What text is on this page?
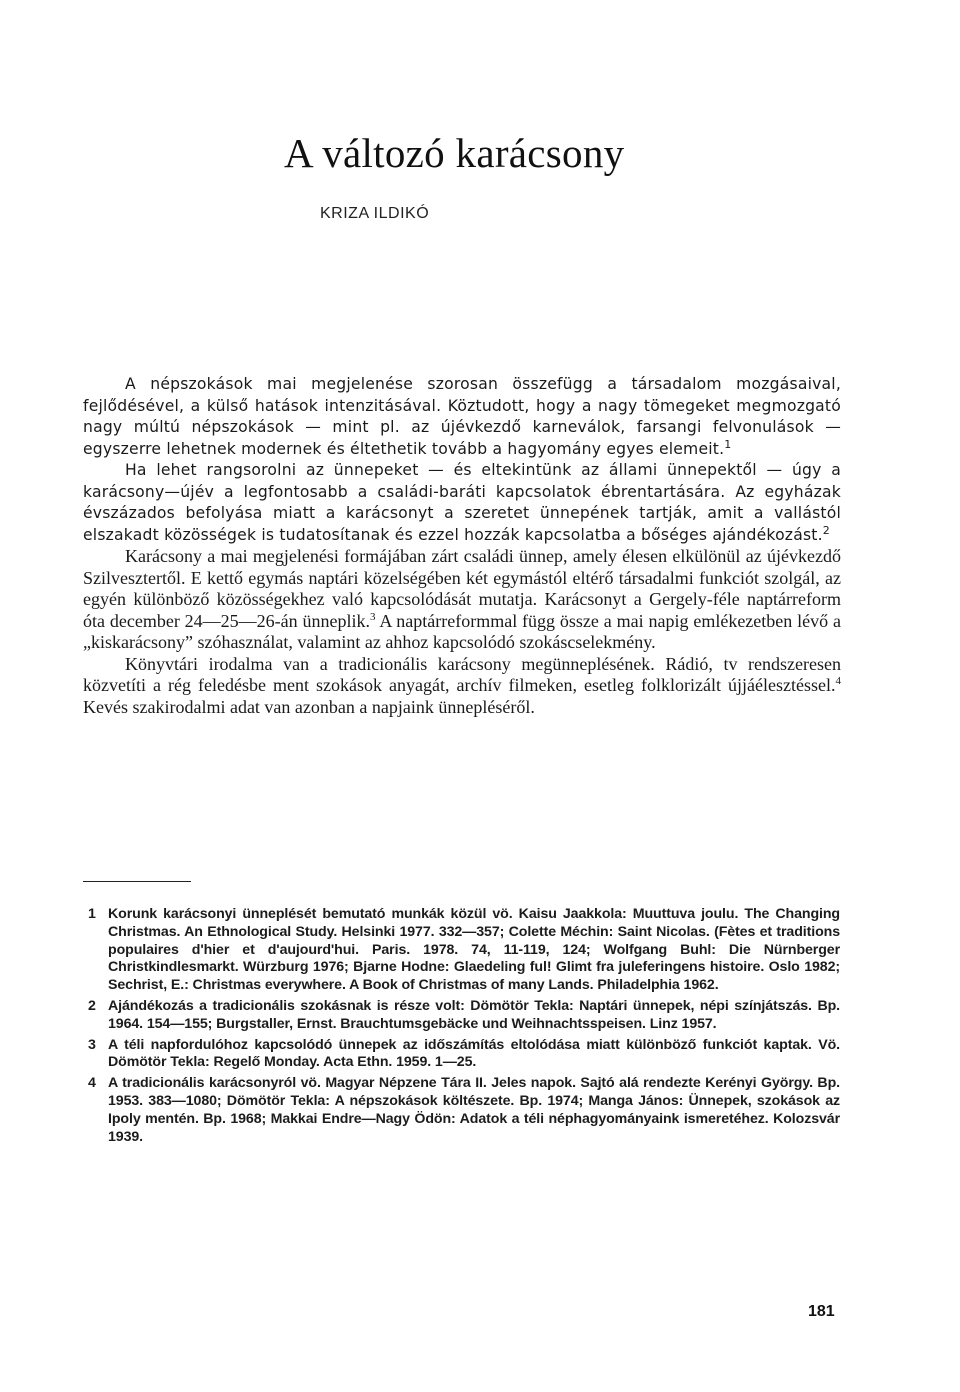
A változó karácsony
KRIZA ILDIKÓ

A népszokások mai megjelenése szorosan összefügg a társadalom mozgásaival, fejlődésével, a külső hatások intenzitásával. Köztudott, hogy a nagy tömegeket megmozgató nagy múltú népszokások — mint pl. az újévkezdő karneválok, farsangi felvonulások — egyszerre lehetnek modernek és éltethetik tovább a hagyomány egyes elemeit.$^1$

Ha lehet rangsorolni az ünnepeket — és eltekintünk az állami ünnepektől — úgy a karácsony—újév a legfontosabb a családi-baráti kapcsolatok ébrentartására. Az egyházak évszázados befolyása miatt a karácsonyt a szeretet ünnepének tartják, amit a vallástól elszakadt közösségek is tudatosítanak és ezzel hozzák kapcsolatba a bőséges ajándékozást.$^2$

Karácsony a mai megjelenési formájában zárt családi ünnep, amely élesen elkülönül az újévkezdő Szilvesztertől. E kettő egymás naptári közelségében két egymástól eltérő társadalmi funkciót szolgál, az egyén különböző közösségekhez való kapcsolódását mutatja. Karácsonyt a Gergely-féle naptárreform óta december 24—25—26-án ünneplik.$^3$ A naptárreformmal függ össze a mai napig emlékezetben lévő a „kiskarácsony” szóhasználat, valamint az ahhoz kapcsolódó szokáscselekmény.

Könyvtári irodalma van a tradicionális karácsony megünneplésének. Rádió, tv rendszeresen közvetíti a rég feledésbe ment szokások anyagát, archív filmeken, esetleg folklorizált újjáélesztéssel.$^4$ Kevés szakirodalmi adat van azonban a napjaink ünnepléséről.

1 Korunk karácsonyi ünneplését bemutató munkák közül vö. Kaisu Jaakkola: Muuttuva joulu. The Changing Christmas. An Ethnological Study. Helsinki 1977. 332—357; Colette Méchin: Saint Nicolas. (Fètes et traditions populaires d'hier et d'aujourd'hui. Paris. 1978. 74, 11-119, 124; Wolfgang Buhl: Die Nürnberger Christkindlesmarkt. Würzburg 1976; Bjarne Hodne: Glaedeling ful! Glimt fra juleferingens histoire. Oslo 1982; Sechrist, E.: Christmas everywhere. A Book of Christmas of many Lands. Philadelphia 1962.
2 Ajándékozás a tradicionális szokásnak is része volt: Dömötör Tekla: Naptári ünnepek, népi színjátszás. Bp. 1964. 154—155; Burgstaller, Ernst. Brauchtumsgebäcke und Weihnachtsspeisen. Linz 1957.
3 A téli napfordulóhoz kapcsolódó ünnepek az időszámítás eltolódása miatt különböző funkciót kaptak. Vö. Dömötör Tekla: Regelő Monday. Acta Ethn. 1959. 1—25.
4 A tradicionális karácsonyról vö. Magyar Népzene Tára II. Jeles napok. Sajtó alá rendezte Kerényi György. Bp. 1953. 383—1080; Dömötör Tekla: A népszokások költészete. Bp. 1974; Manga János: Ünnepek, szokások az Ipoly mentén. Bp. 1968; Makkai Endre—Nagy Ödön: Adatok a téli néphagyományaink ismeretéhez. Kolozsvár 1939.
181
